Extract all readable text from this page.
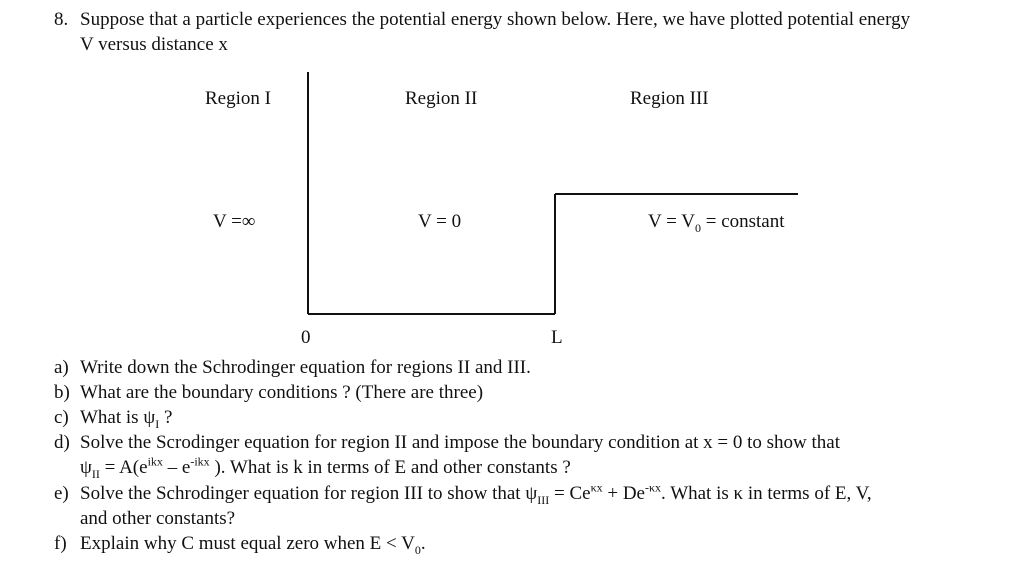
8. Suppose that a particle experiences the potential energy shown below. Here, we have plotted potential energy
V versus distance x
Region I	Region II	Region III
V =∞	V = 0	$V = V_0$ = constant
0	L
a) Write down the Schrodinger equation for regions II and III.
b) What are the boundary conditions ? (There are three)
c) What is $\psi_I$ ?
d) Solve the Scrodinger equation for region II and impose the boundary condition at x = 0 to show that
$\psi_{II} = A(e^{ikx} - e^{-ikx}$ ). What is k in terms of E and other constants ?
e) Solve the Schrodinger equation for region III to show that $\psi_{III} = Ce^{\kappa x} + De^{-\kappa x}$. What is κ in terms of E, V,
and other constants?
f) Explain why C must equal zero when $E < V_0$.
